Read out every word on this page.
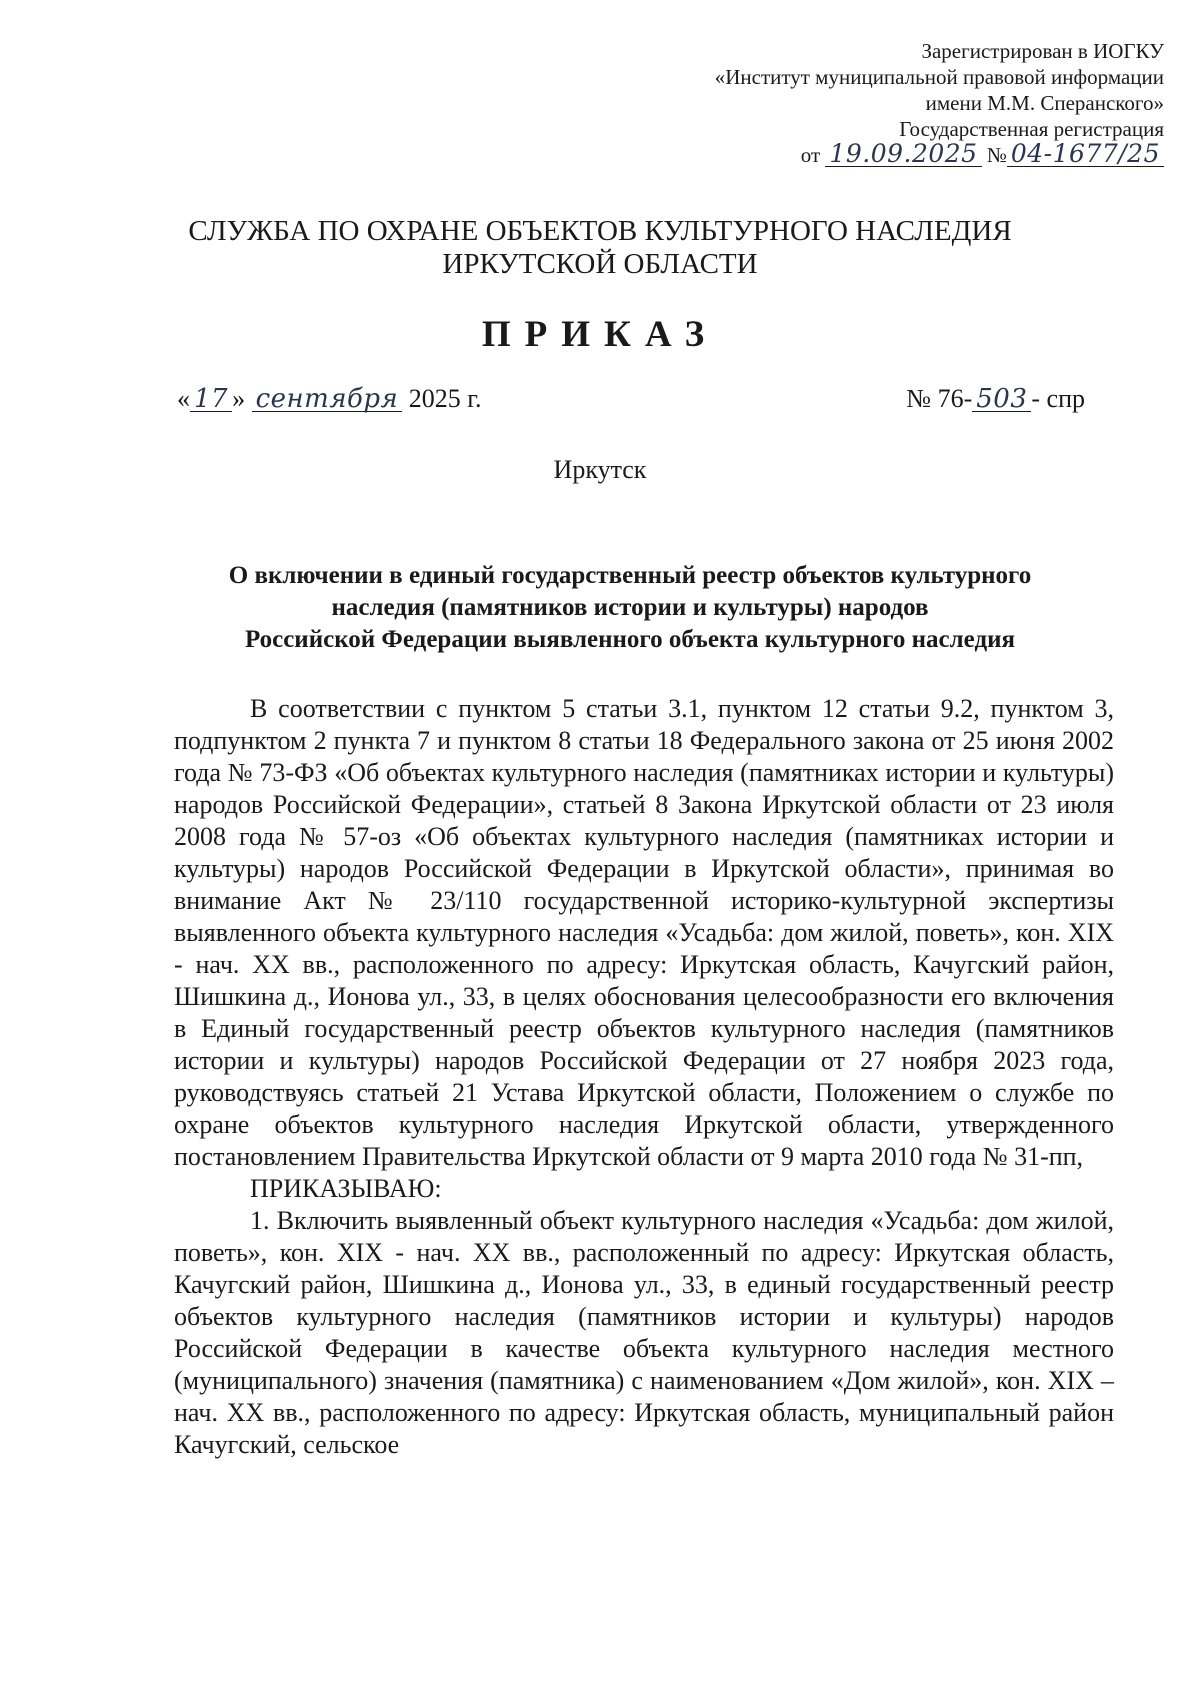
Зарегистрирован в ИОГКУ
«Институт муниципальной правовой информации
имени М.М. Сперанского»
Государственная регистрация
от 19.09.2025 № 04-1677/25
СЛУЖБА ПО ОХРАНЕ ОБЪЕКТОВ КУЛЬТУРНОГО НАСЛЕДИЯ
ИРКУТСКОЙ ОБЛАСТИ
ПРИКАЗ
« 17 » сентября 2025 г.	№ 76- 503 - спр
Иркутск
О включении в единый государственный реестр объектов культурного
наследия (памятников истории и культуры) народов
Российской Федерации выявленного объекта культурного наследия

В соответствии с пунктом 5 статьи 3.1, пунктом 12 статьи 9.2, пунктом 3, подпунктом 2 пункта 7 и пунктом 8 статьи 18 Федерального закона от 25 июня 2002 года № 73-ФЗ «Об объектах культурного наследия (памятниках истории и культуры) народов Российской Федерации», статьей 8 Закона Иркутской области от 23 июля 2008 года № 57-оз «Об объектах культурного наследия (памятниках истории и культуры) народов Российской Федерации в Иркутской области», принимая во внимание Акт № 23/110 государственной историко-культурной экспертизы выявленного объекта культурного наследия «Усадьба: дом жилой, поветь», кон. XIX - нач. XX вв., расположенного по адресу: Иркутская область, Качугский район, Шишкина д., Ионова ул., 33, в целях обоснования целесообразности его включения в Единый государственный реестр объектов культурного наследия (памятников истории и культуры) народов Российской Федерации от 27 ноября 2023 года, руководствуясь статьей 21 Устава Иркутской области, Положением о службе по охране объектов культурного наследия Иркутской области, утвержденного постановлением Правительства Иркутской области от 9 марта 2010 года № 31-пп,

ПРИКАЗЫВАЮ:

1. Включить выявленный объект культурного наследия «Усадьба: дом жилой, поветь», кон. XIX - нач. XX вв., расположенный по адресу: Иркутская область, Качугский район, Шишкина д., Ионова ул., 33, в единый государственный реестр объектов культурного наследия (памятников истории и культуры) народов Российской Федерации в качестве объекта культурного наследия местного (муниципального) значения (памятника) с наименованием «Дом жилой», кон. XIX – нач. XX вв., расположенного по адресу: Иркутская область, муниципальный район Качугский, сельское
